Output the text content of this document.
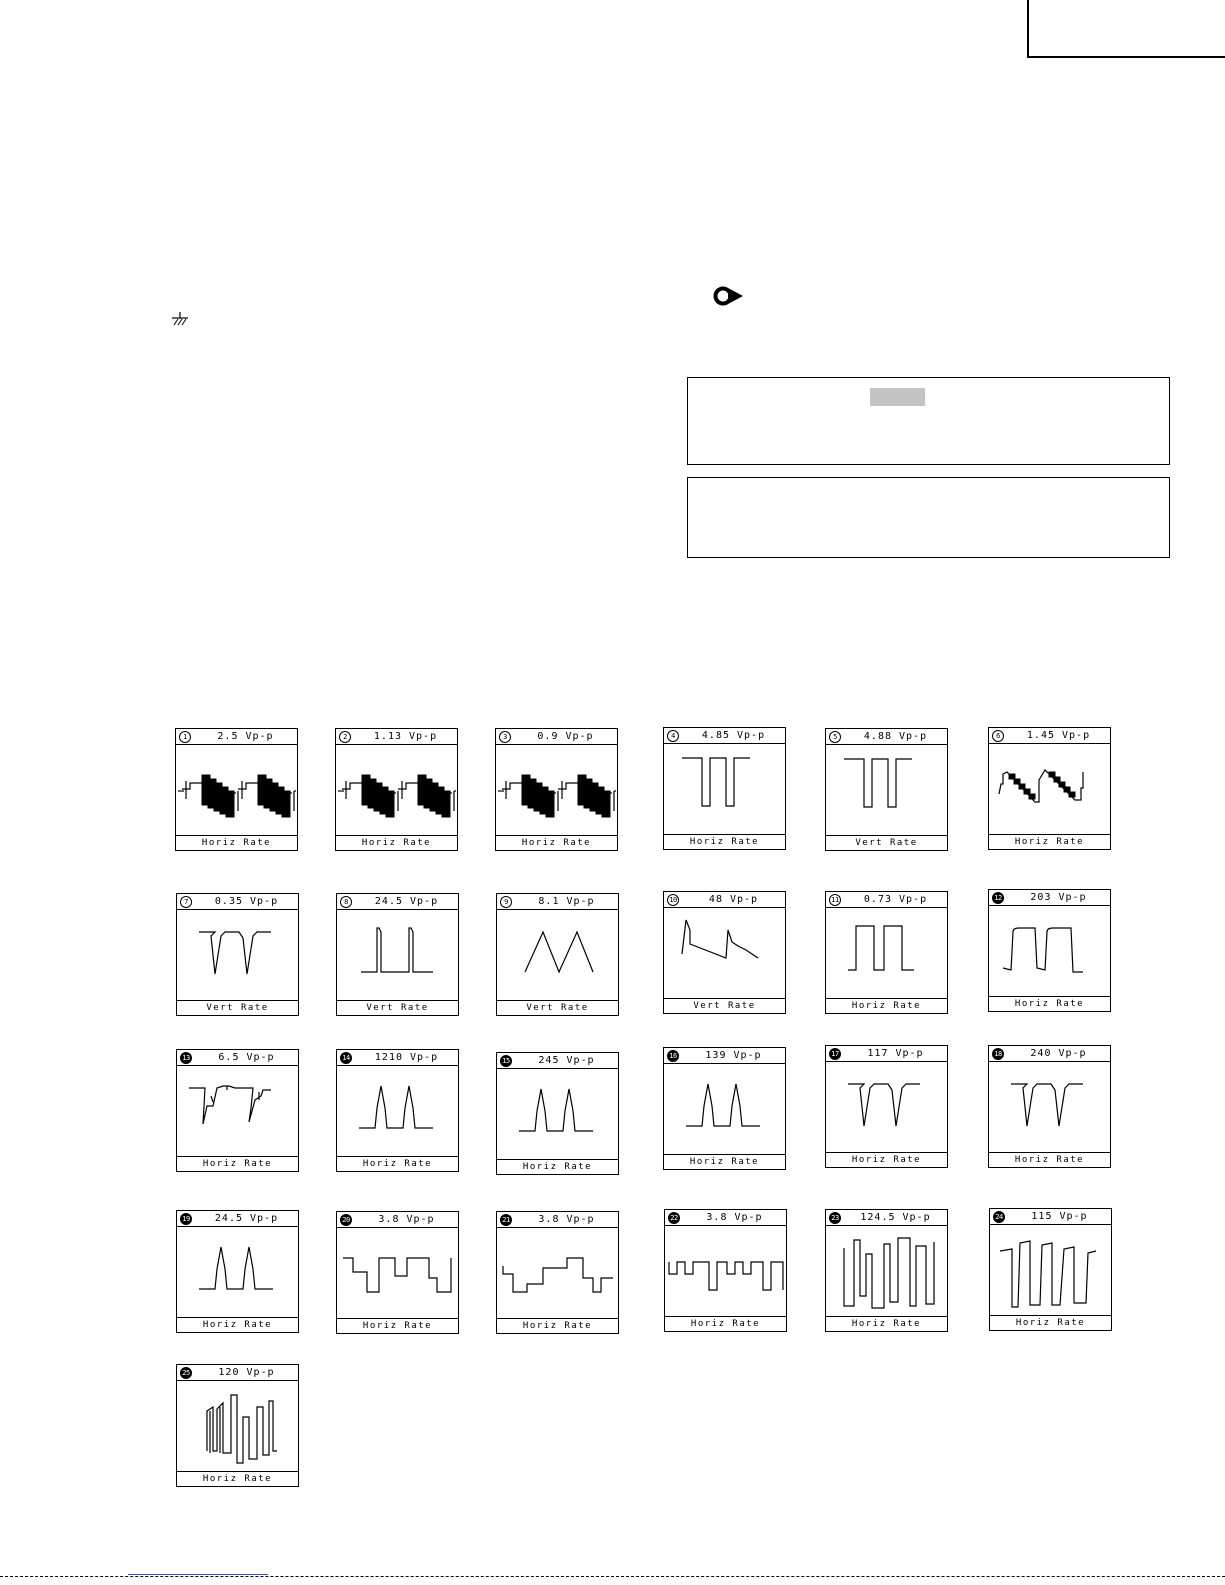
1	2.5 Vp-p
Horiz Rate
2	1.13 Vp-p
Horiz Rate
3	0.9 Vp-p
Horiz Rate
4	4.85 Vp-p
Horiz Rate
5	4.88 Vp-p
Vert Rate
6	1.45 Vp-p
Horiz Rate
7	0.35 Vp-p
Vert Rate
8	24.5 Vp-p
Vert Rate
9	8.1 Vp-p
Vert Rate
10	48 Vp-p
Vert Rate
11	0.73 Vp-p
Horiz Rate
12	203 Vp-p
Horiz Rate
13	6.5 Vp-p
Horiz Rate
14	1210 Vp-p
Horiz Rate
15	245 Vp-p
Horiz Rate
16	139 Vp-p
Horiz Rate
17	117 Vp-p
Horiz Rate
18	240 Vp-p
Horiz Rate
19	24.5 Vp-p
Horiz Rate
20	3.8 Vp-p
Horiz Rate
21	3.8 Vp-p
Horiz Rate
22	3.8 Vp-p
Horiz Rate
23	124.5 Vp-p
Horiz Rate
24	115 Vp-p
Horiz Rate
25	120 Vp-p
Horiz Rate
